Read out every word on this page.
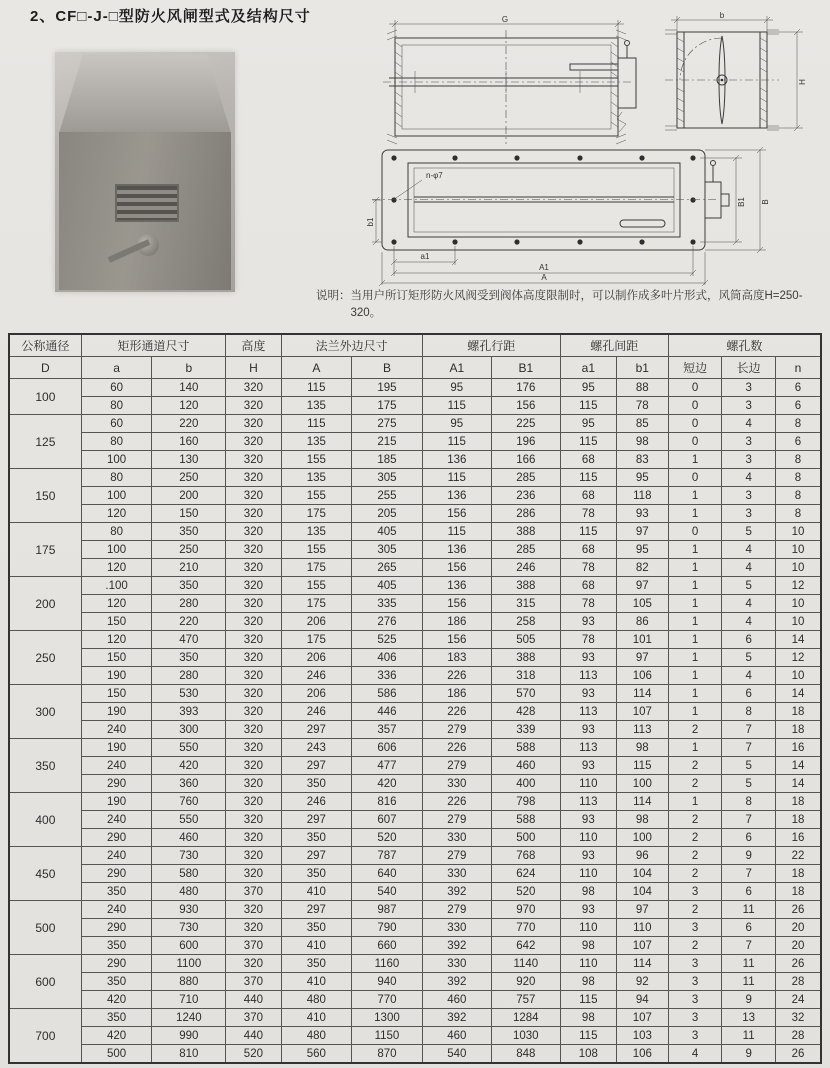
2、CF□-J-□型防火风闸型式及结构尺寸	G	b
H
n-φ7
B1 B
b1
a1
A1
A

说明： 当用户所订矩形防火风阀受到阀体高度限制时，可以制作成多叶片形式，风筒高度H=250-320。

公称通径	矩形通道尺寸		高度	法兰外边尺寸		螺孔行距		螺孔间距		螺孔数		
D	a	b	H	A	B	A1	B1	a1	b1	短边	长边	n
100	60	140	320	115	195	95	176	95	88	0	3	6
	80	120	320	135	175	115	156	115	78	0	3	6
125	60	220	320	115	275	95	225	95	85	0	4	8
	80	160	320	135	215	115	196	115	98	0	3	6
	100	130	320	155	185	136	166	68	83	1	3	8
150	80	250	320	135	305	115	285	115	95	0	4	8
	100	200	320	155	255	136	236	68	118	1	3	8
	120	150	320	175	205	156	286	78	93	1	3	8
175	80	350	320	135	405	115	388	115	97	0	5	10
	100	250	320	155	305	136	285	68	95	1	4	10
	120	210	320	175	265	156	246	78	82	1	4	10
200	.100	350	320	155	405	136	388	68	97	1	5	12
	120	280	320	175	335	156	315	78	105	1	4	10
	150	220	320	206	276	186	258	93	86	1	4	10
250	120	470	320	175	525	156	505	78	101	1	6	14
	150	350	320	206	406	183	388	93	97	1	5	12
	190	280	320	246	336	226	318	113	106	1	4	10
300	150	530	320	206	586	186	570	93	114	1	6	14
	190	393	320	246	446	226	428	113	107	1	8	18
	240	300	320	297	357	279	339	93	113	2	7	18
350	190	550	320	243	606	226	588	113	98	1	7	16
	240	420	320	297	477	279	460	93	115	2	5	14
	290	360	320	350	420	330	400	110	100	2	5	14
400	190	760	320	246	816	226	798	113	114	1	8	18
	240	550	320	297	607	279	588	93	98	2	7	18
	290	460	320	350	520	330	500	110	100	2	6	16
450	240	730	320	297	787	279	768	93	96	2	9	22
	290	580	320	350	640	330	624	110	104	2	7	18
	350	480	370	410	540	392	520	98	104	3	6	18
500	240	930	320	297	987	279	970	93	97	2	11	26
	290	730	320	350	790	330	770	110	110	3	6	20
	350	600	370	410	660	392	642	98	107	2	7	20
600	290	1100	320	350	1160	330	1140	110	114	3	11	26
	350	880	370	410	940	392	920	98	92	3	11	28
	420	710	440	480	770	460	757	115	94	3	9	24
700	350	1240	370	410	1300	392	1284	98	107	3	13	32
	420	990	440	480	1150	460	1030	115	103	3	11	28
	500	810	520	560	870	540	848	108	106	4	9	26
